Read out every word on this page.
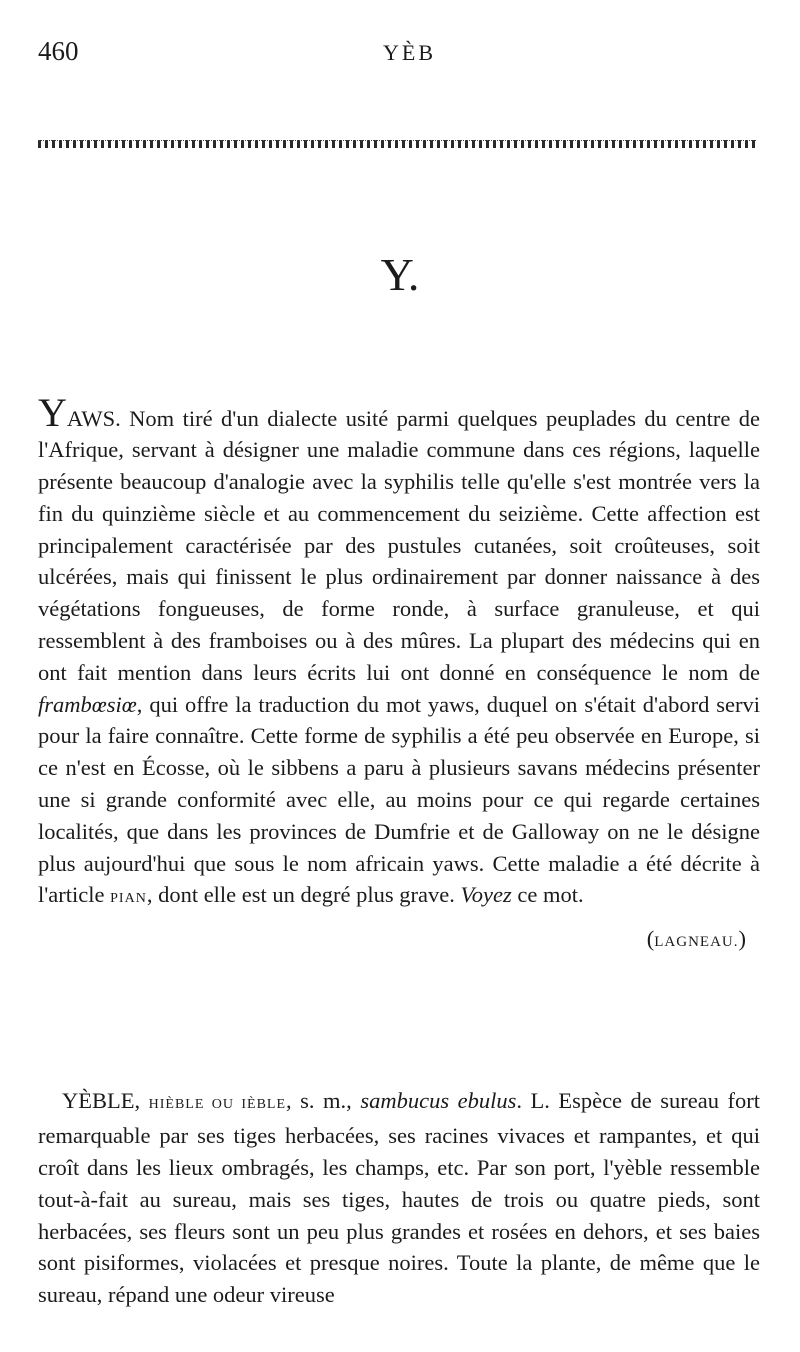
460	YÈB
Y.

YAWS. Nom tiré d'un dialecte usité parmi quelques peuplades du centre de l'Afrique, servant à désigner une maladie commune dans ces régions, laquelle présente beaucoup d'analogie avec la syphilis telle qu'elle s'est montrée vers la fin du quinzième siècle et au commencement du seizième. Cette affection est principalement caractérisée par des pustules cutanées, soit croûteuses, soit ulcérées, mais qui finissent le plus ordinairement par donner naissance à des végétations fongueuses, de forme ronde, à surface granuleuse, et qui ressemblent à des framboises ou à des mûres. La plupart des médecins qui en ont fait mention dans leurs écrits lui ont donné en conséquence le nom de frambœsiœ, qui offre la traduction du mot yaws, duquel on s'était d'abord servi pour la faire connaître. Cette forme de syphilis a été peu observée en Europe, si ce n'est en Écosse, où le sibbens a paru à plusieurs savans médecins présenter une si grande conformité avec elle, au moins pour ce qui regarde certaines localités, que dans les provinces de Dumfrie et de Galloway on ne le désigne plus aujourd'hui que sous le nom africain yaws. Cette maladie a été décrite à l'article PIAN, dont elle est un degré plus grave. Voyez ce mot.
(LAGNEAU.)

YÈBLE, HIÈBLE OU IÈBLE, s. m., sambucus ebulus. L. Espèce de sureau fort remarquable par ses tiges herbacées, ses racines vivaces et rampantes, et qui croît dans les lieux ombragés, les champs, etc. Par son port, l'yèble ressemble tout-à-fait au sureau, mais ses tiges, hautes de trois ou quatre pieds, sont herbacées, ses fleurs sont un peu plus grandes et rosées en dehors, et ses baies sont pisiformes, violacées et presque noires. Toute la plante, de même que le sureau, répand une odeur vireuse
